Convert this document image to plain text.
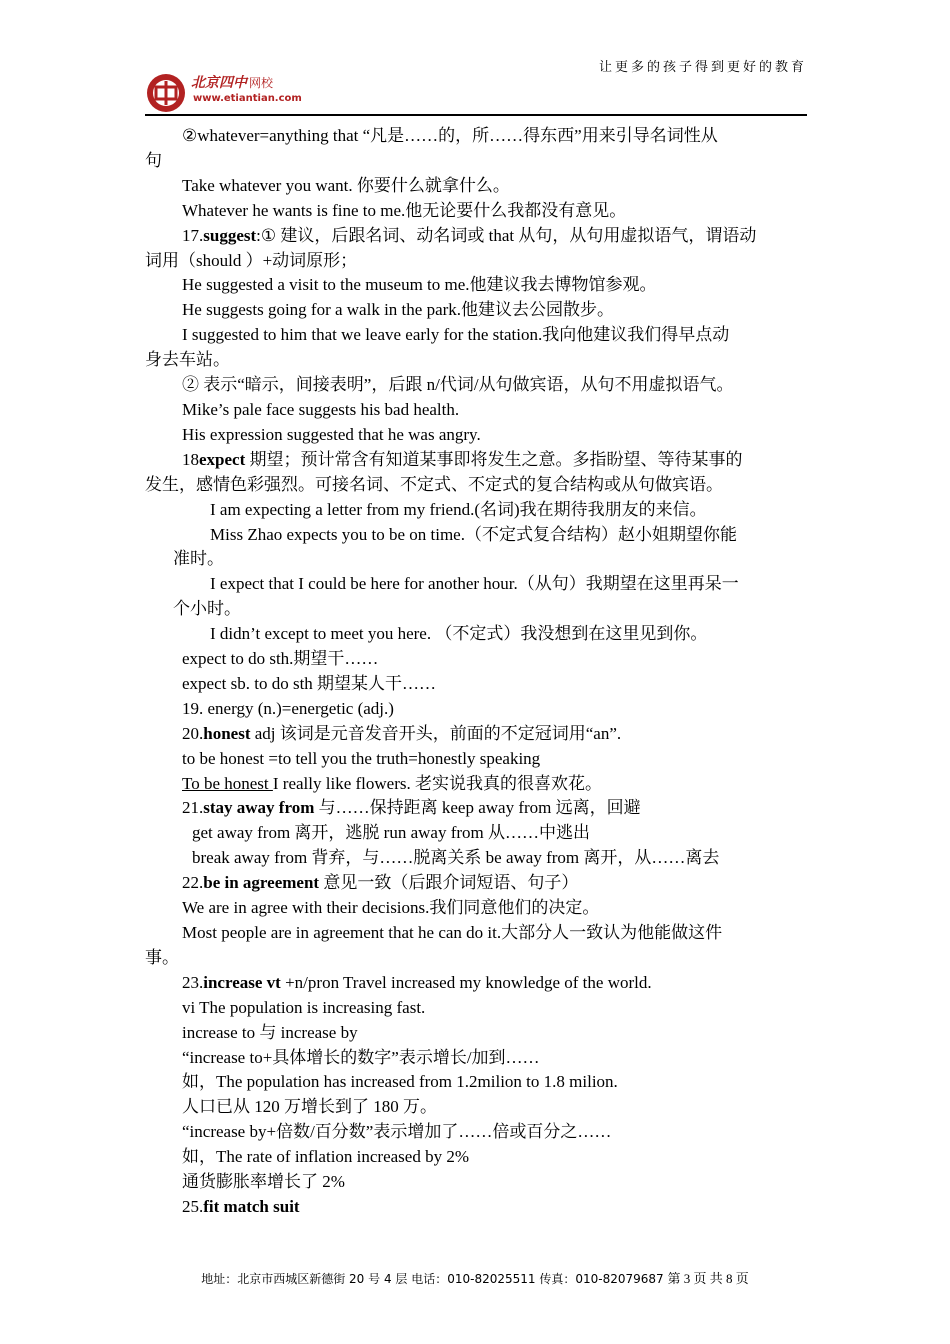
北京四中 网校
www.etiantian.com
让更多的孩子得到更好的教育
②whatever=anything that “凡是……的，所……得东西”用来引导名词性从
句
Take whatever you want. 你要什么就拿什么。
Whatever he wants is fine to me.他无论要什么我都没有意见。
17.suggest:① 建议，后跟名词、动名词或 that 从句，从句用虚拟语气，谓语动
词用（should ）+动词原形；
He suggested a visit to the museum to me.他建议我去博物馆参观。
He suggests going for a walk in the park.他建议去公园散步。
I suggested to him that we leave early for the station.我向他建议我们得早点动
身去车站。
② 表示“暗示，间接表明”，后跟 n/代词/从句做宾语，从句不用虚拟语气。
Mike’s pale face suggests his bad health.
His expression suggested that he was angry.
18expect 期望；预计常含有知道某事即将发生之意。多指盼望、等待某事的
发生，感情色彩强烈。可接名词、不定式、不定式的复合结构或从句做宾语。
I am expecting a letter from my friend.(名词)我在期待我朋友的来信。
Miss Zhao expects you to be on time.（不定式复合结构）赵小姐期望你能
准时。
I expect that I could be here for another hour.（从句）我期望在这里再呆一
个小时。
I didn’t except to meet you here. （不定式）我没想到在这里见到你。
expect to do sth.期望干……
expect sb. to do sth 期望某人干……
19. energy (n.)=energetic (adj.)
20.honest adj 该词是元音发音开头，前面的不定冠词用“an”.
to be honest =to tell you the truth=honestly speaking
To be honest I really like flowers. 老实说我真的很喜欢花。
21.stay away from 与……保持距离 keep away from 远离，回避
get away from 离开，逃脱 run away from 从……中逃出
break away from 背弃，与……脱离关系 be away from 离开，从……离去
22.be in agreement 意见一致（后跟介词短语、句子）
We are in agree with their decisions.我们同意他们的决定。
Most people are in agreement that he can do it.大部分人一致认为他能做这件
事。
23.increase vt +n/pron Travel increased my knowledge of the world.
vi The population is increasing fast.
increase to 与 increase by
“increase to+具体增长的数字”表示增长/加到……
如，The population has increased from 1.2milion to 1.8 milion.
人口已从 120 万增长到了 180 万。
“increase by+倍数/百分数”表示增加了……倍或百分之……
如，The rate of inflation increased by 2%
通货膨胀率增长了 2%
25.fit match suit
地址：北京市西城区新德街 20 号 4 层 电话：010-82025511 传真：010-82079687 第 3 页 共 8 页
